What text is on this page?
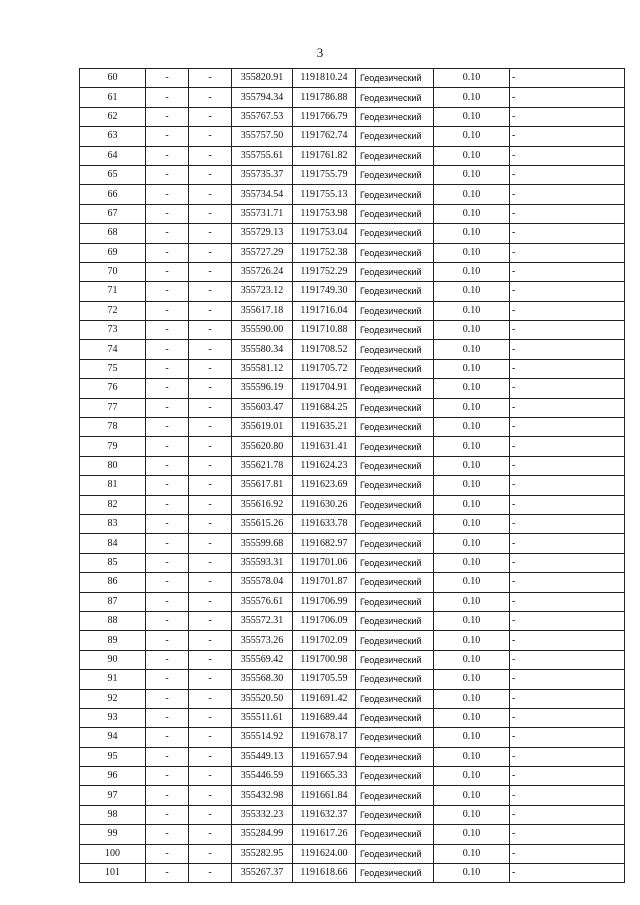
3
60	-	-	355820.91	1191810.24	Геодезический	0.10	-
61	-	-	355794.34	1191786.88	Геодезический	0.10	-
62	-	-	355767.53	1191766.79	Геодезический	0.10	-
63	-	-	355757.50	1191762.74	Геодезический	0.10	-
64	-	-	355755.61	1191761.82	Геодезический	0.10	-
65	-	-	355735.37	1191755.79	Геодезический	0.10	-
66	-	-	355734.54	1191755.13	Геодезический	0.10	-
67	-	-	355731.71	1191753.98	Геодезический	0.10	-
68	-	-	355729.13	1191753.04	Геодезический	0.10	-
69	-	-	355727.29	1191752.38	Геодезический	0.10	-
70	-	-	355726.24	1191752.29	Геодезический	0.10	-
71	-	-	355723.12	1191749.30	Геодезический	0.10	-
72	-	-	355617.18	1191716.04	Геодезический	0.10	-
73	-	-	355590.00	1191710.88	Геодезический	0.10	-
74	-	-	355580.34	1191708.52	Геодезический	0.10	-
75	-	-	355581.12	1191705.72	Геодезический	0.10	-
76	-	-	355596.19	1191704.91	Геодезический	0.10	-
77	-	-	355603.47	1191684.25	Геодезический	0.10	-
78	-	-	355619.01	1191635.21	Геодезический	0.10	-
79	-	-	355620.80	1191631.41	Геодезический	0.10	-
80	-	-	355621.78	1191624.23	Геодезический	0.10	-
81	-	-	355617.81	1191623.69	Геодезический	0.10	-
82	-	-	355616.92	1191630.26	Геодезический	0.10	-
83	-	-	355615.26	1191633.78	Геодезический	0.10	-
84	-	-	355599.68	1191682.97	Геодезический	0.10	-
85	-	-	355593.31	1191701.06	Геодезический	0.10	-
86	-	-	355578.04	1191701.87	Геодезический	0.10	-
87	-	-	355576.61	1191706.99	Геодезический	0.10	-
88	-	-	355572.31	1191706.09	Геодезический	0.10	-
89	-	-	355573.26	1191702.09	Геодезический	0.10	-
90	-	-	355569.42	1191700.98	Геодезический	0.10	-
91	-	-	355568.30	1191705.59	Геодезический	0.10	-
92	-	-	355520.50	1191691.42	Геодезический	0.10	-
93	-	-	355511.61	1191689.44	Геодезический	0.10	-
94	-	-	355514.92	1191678.17	Геодезический	0.10	-
95	-	-	355449.13	1191657.94	Геодезический	0.10	-
96	-	-	355446.59	1191665.33	Геодезический	0.10	-
97	-	-	355432.98	1191661.84	Геодезический	0.10	-
98	-	-	355332.23	1191632.37	Геодезический	0.10	-
99	-	-	355284.99	1191617.26	Геодезический	0.10	-
100	-	-	355282.95	1191624.00	Геодезический	0.10	-
101	-	-	355267.37	1191618.66	Геодезический	0.10	-
